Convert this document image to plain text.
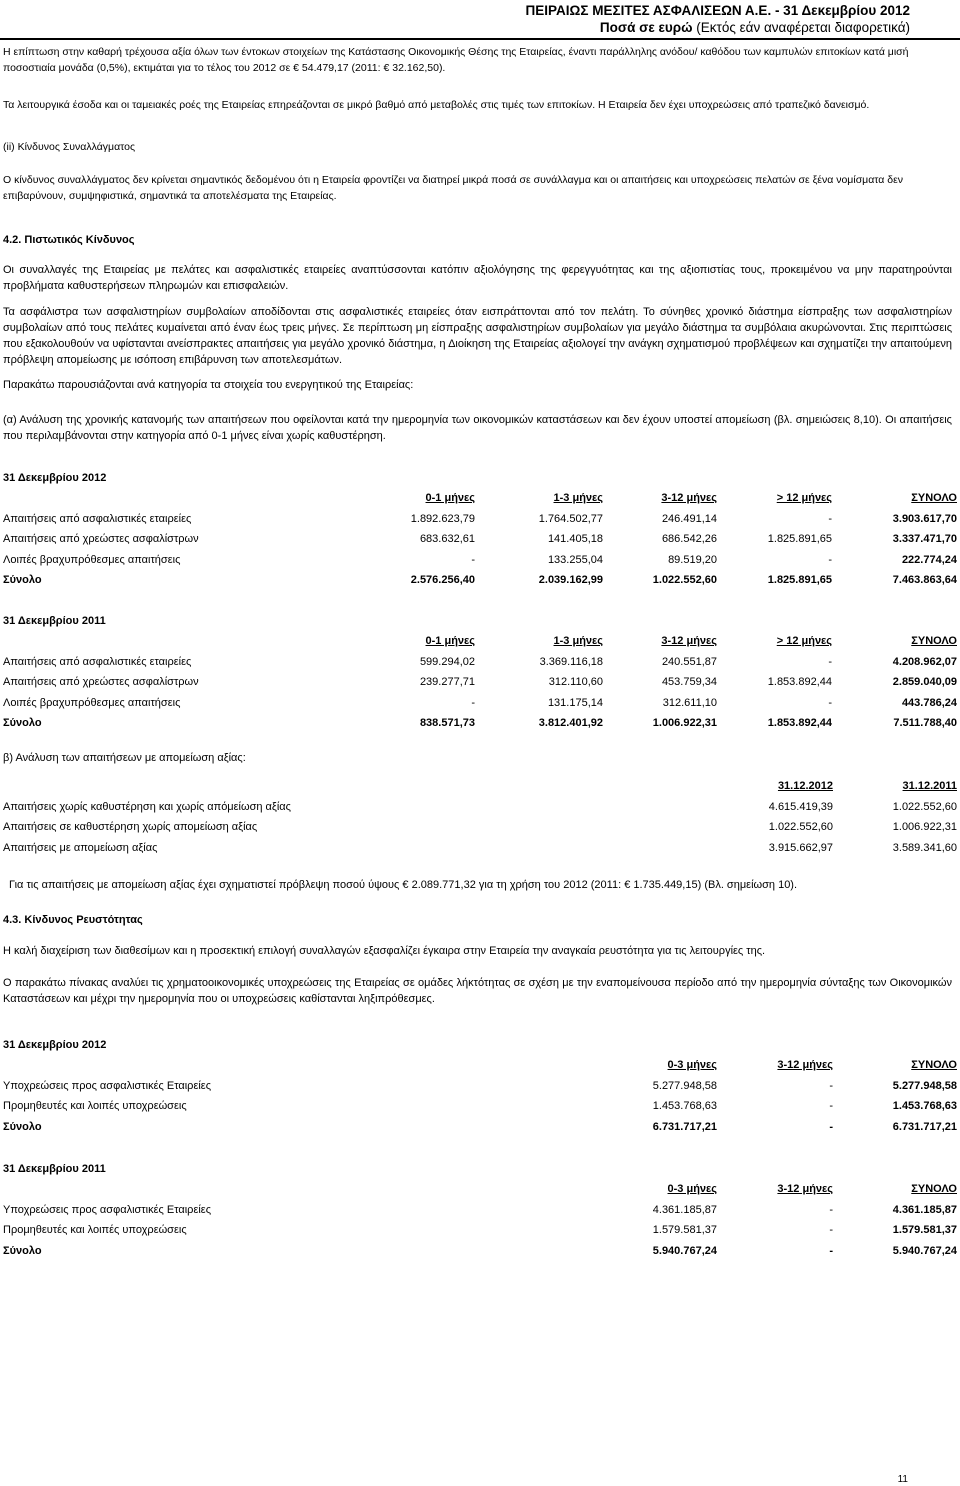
ΠΕΙΡΑΙΩΣ ΜΕΣΙΤΕΣ ΑΣΦΑΛΙΣΕΩΝ Α.Ε. - 31 Δεκεμβρίου 2012
Ποσά σε ευρώ (Εκτός εάν αναφέρεται διαφορετικά)
Η επίπτωση στην καθαρή τρέχουσα αξία όλων των έντοκων στοιχείων της Κατάστασης Οικονομικής Θέσης της Εταιρείας, έναντι παράλληλης ανόδου/ καθόδου των καμπυλών επιτοκίων κατά μισή ποσοστιαία μονάδα (0,5%), εκτιμάται για το τέλος του 2012 σε € 54.479,17 (2011: € 32.162,50).
Τα λειτουργικά έσοδα και οι ταμειακές ροές της Εταιρείας επηρεάζονται σε μικρό βαθμό από μεταβολές στις τιμές των επιτοκίων. Η Εταιρεία δεν έχει υποχρεώσεις από τραπεζικό δανεισμό.
(ii) Κίνδυνος Συναλλάγματος
Ο κίνδυνος συναλλάγματος δεν κρίνεται σημαντικός δεδομένου ότι η Εταιρεία φροντίζει να διατηρεί μικρά ποσά σε συνάλλαγμα και οι απαιτήσεις και υποχρεώσεις πελατών σε ξένα νομίσματα δεν επιβαρύνουν, συμψηφιστικά, σημαντικά τα αποτελέσματα της Εταιρείας.
4.2. Πιστωτικός Κίνδυνος
Οι συναλλαγές της Εταιρείας με πελάτες και ασφαλιστικές εταιρείες αναπτύσσονται κατόπιν αξιολόγησης της φερεγγυότητας και της αξιοπιστίας τους, προκειμένου να μην παρατηρούνται προβλήματα καθυστερήσεων πληρωμών και επισφαλειών.
Τα ασφάλιστρα των ασφαλιστηρίων συμβολαίων αποδίδονται στις ασφαλιστικές εταιρείες όταν εισπράττονται από τον πελάτη. Το σύνηθες χρονικό διάστημα είσπραξης των ασφαλιστηρίων συμβολαίων από τους πελάτες κυμαίνεται από έναν έως τρεις μήνες. Σε περίπτωση μη είσπραξης ασφαλιστηρίων συμβολαίων για μεγάλο διάστημα τα συμβόλαια ακυρώνονται. Στις περιπτώσεις που εξακολουθούν να υφίστανται ανείσπρακτες απαιτήσεις για μεγάλο χρονικό διάστημα, η Διοίκηση της Εταιρείας αξιολογεί την ανάγκη σχηματισμού προβλέψεων και σχηματίζει την απαιτούμενη πρόβλεψη απομείωσης με ισόποση επιβάρυνση των αποτελεσμάτων.
Παρακάτω παρουσιάζονται ανά κατηγορία τα στοιχεία του ενεργητικού της Εταιρείας:
(α) Ανάλυση της χρονικής κατανομής των απαιτήσεων που οφείλονται κατά την ημερομηνία των οικονομικών καταστάσεων και δεν έχουν υποστεί απομείωση (βλ. σημειώσεις 8,10). Οι απαιτήσεις που περιλαμβάνονται στην κατηγορία από 0-1 μήνες είναι χωρίς καθυστέρηση.
31 Δεκεμβρίου 2012
	0-1 μήνες	1-3 μήνες	3-12 μήνες	> 12 μήνες	ΣΥΝΟΛΟ
Απαιτήσεις από ασφαλιστικές εταιρείες	1.892.623,79	1.764.502,77	246.491,14	-	3.903.617,70
Απαιτήσεις από χρεώστες ασφαλίστρων	683.632,61	141.405,18	686.542,26	1.825.891,65	3.337.471,70
Λοιπές βραχυπρόθεσμες απαιτήσεις	-	133.255,04	89.519,20	-	222.774,24
Σύνολο	2.576.256,40	2.039.162,99	1.022.552,60	1.825.891,65	7.463.863,64
31 Δεκεμβρίου 2011
	0-1 μήνες	1-3 μήνες	3-12 μήνες	> 12 μήνες	ΣΥΝΟΛΟ
Απαιτήσεις από ασφαλιστικές εταιρείες	599.294,02	3.369.116,18	240.551,87	-	4.208.962,07
Απαιτήσεις από χρεώστες ασφαλίστρων	239.277,71	312.110,60	453.759,34	1.853.892,44	2.859.040,09
Λοιπές βραχυπρόθεσμες απαιτήσεις	-	131.175,14	312.611,10	-	443.786,24
Σύνολο	838.571,73	3.812.401,92	1.006.922,31	1.853.892,44	7.511.788,40
β) Ανάλυση των απαιτήσεων με απομείωση αξίας:
	31.12.2012	31.12.2011
Απαιτήσεις χωρίς καθυστέρηση και χωρίς απόμείωση αξίας	4.615.419,39	1.022.552,60
Απαιτήσεις σε καθυστέρηση χωρίς απομείωση αξίας	1.022.552,60	1.006.922,31
Απαιτήσεις με απομείωση αξίας	3.915.662,97	3.589.341,60
Για τις απαιτήσεις με απομείωση αξίας έχει σχηματιστεί πρόβλεψη ποσού ύψους € 2.089.771,32 για τη χρήση του 2012 (2011: € 1.735.449,15) (Βλ. σημείωση 10).
4.3. Κίνδυνος Ρευστότητας
Η καλή διαχείριση των διαθεσίμων και η προσεκτική επιλογή συναλλαγών εξασφαλίζει έγκαιρα στην Εταιρεία την αναγκαία ρευστότητα για τις λειτουργίες της.
Ο παρακάτω πίνακας αναλύει τις χρηματοοικονομικές υποχρεώσεις της Εταιρείας σε ομάδες λήκτότητας σε σχέση με την εναπομείνουσα περίοδο από την ημερομηνία σύνταξης των Οικονομικών Καταστάσεων και μέχρι την ημερομηνία που οι υποχρεώσεις καθίστανται ληξιπρόθεσμες.
31 Δεκεμβρίου 2012
	0-3 μήνες	3-12 μήνες	ΣΥΝΟΛΟ
Υποχρεώσεις προς ασφαλιστικές Εταιρείες	5.277.948,58	-	5.277.948,58
Προμηθευτές και λοιπές υποχρεώσεις	1.453.768,63	-	1.453.768,63
Σύνολο	6.731.717,21	-	6.731.717,21
31 Δεκεμβρίου 2011
	0-3 μήνες	3-12 μήνες	ΣΥΝΟΛΟ
Υποχρεώσεις προς ασφαλιστικές Εταιρείες	4.361.185,87	-	4.361.185,87
Προμηθευτές και λοιπές υποχρεώσεις	1.579.581,37	-	1.579.581,37
Σύνολο	5.940.767,24	-	5.940.767,24
11
